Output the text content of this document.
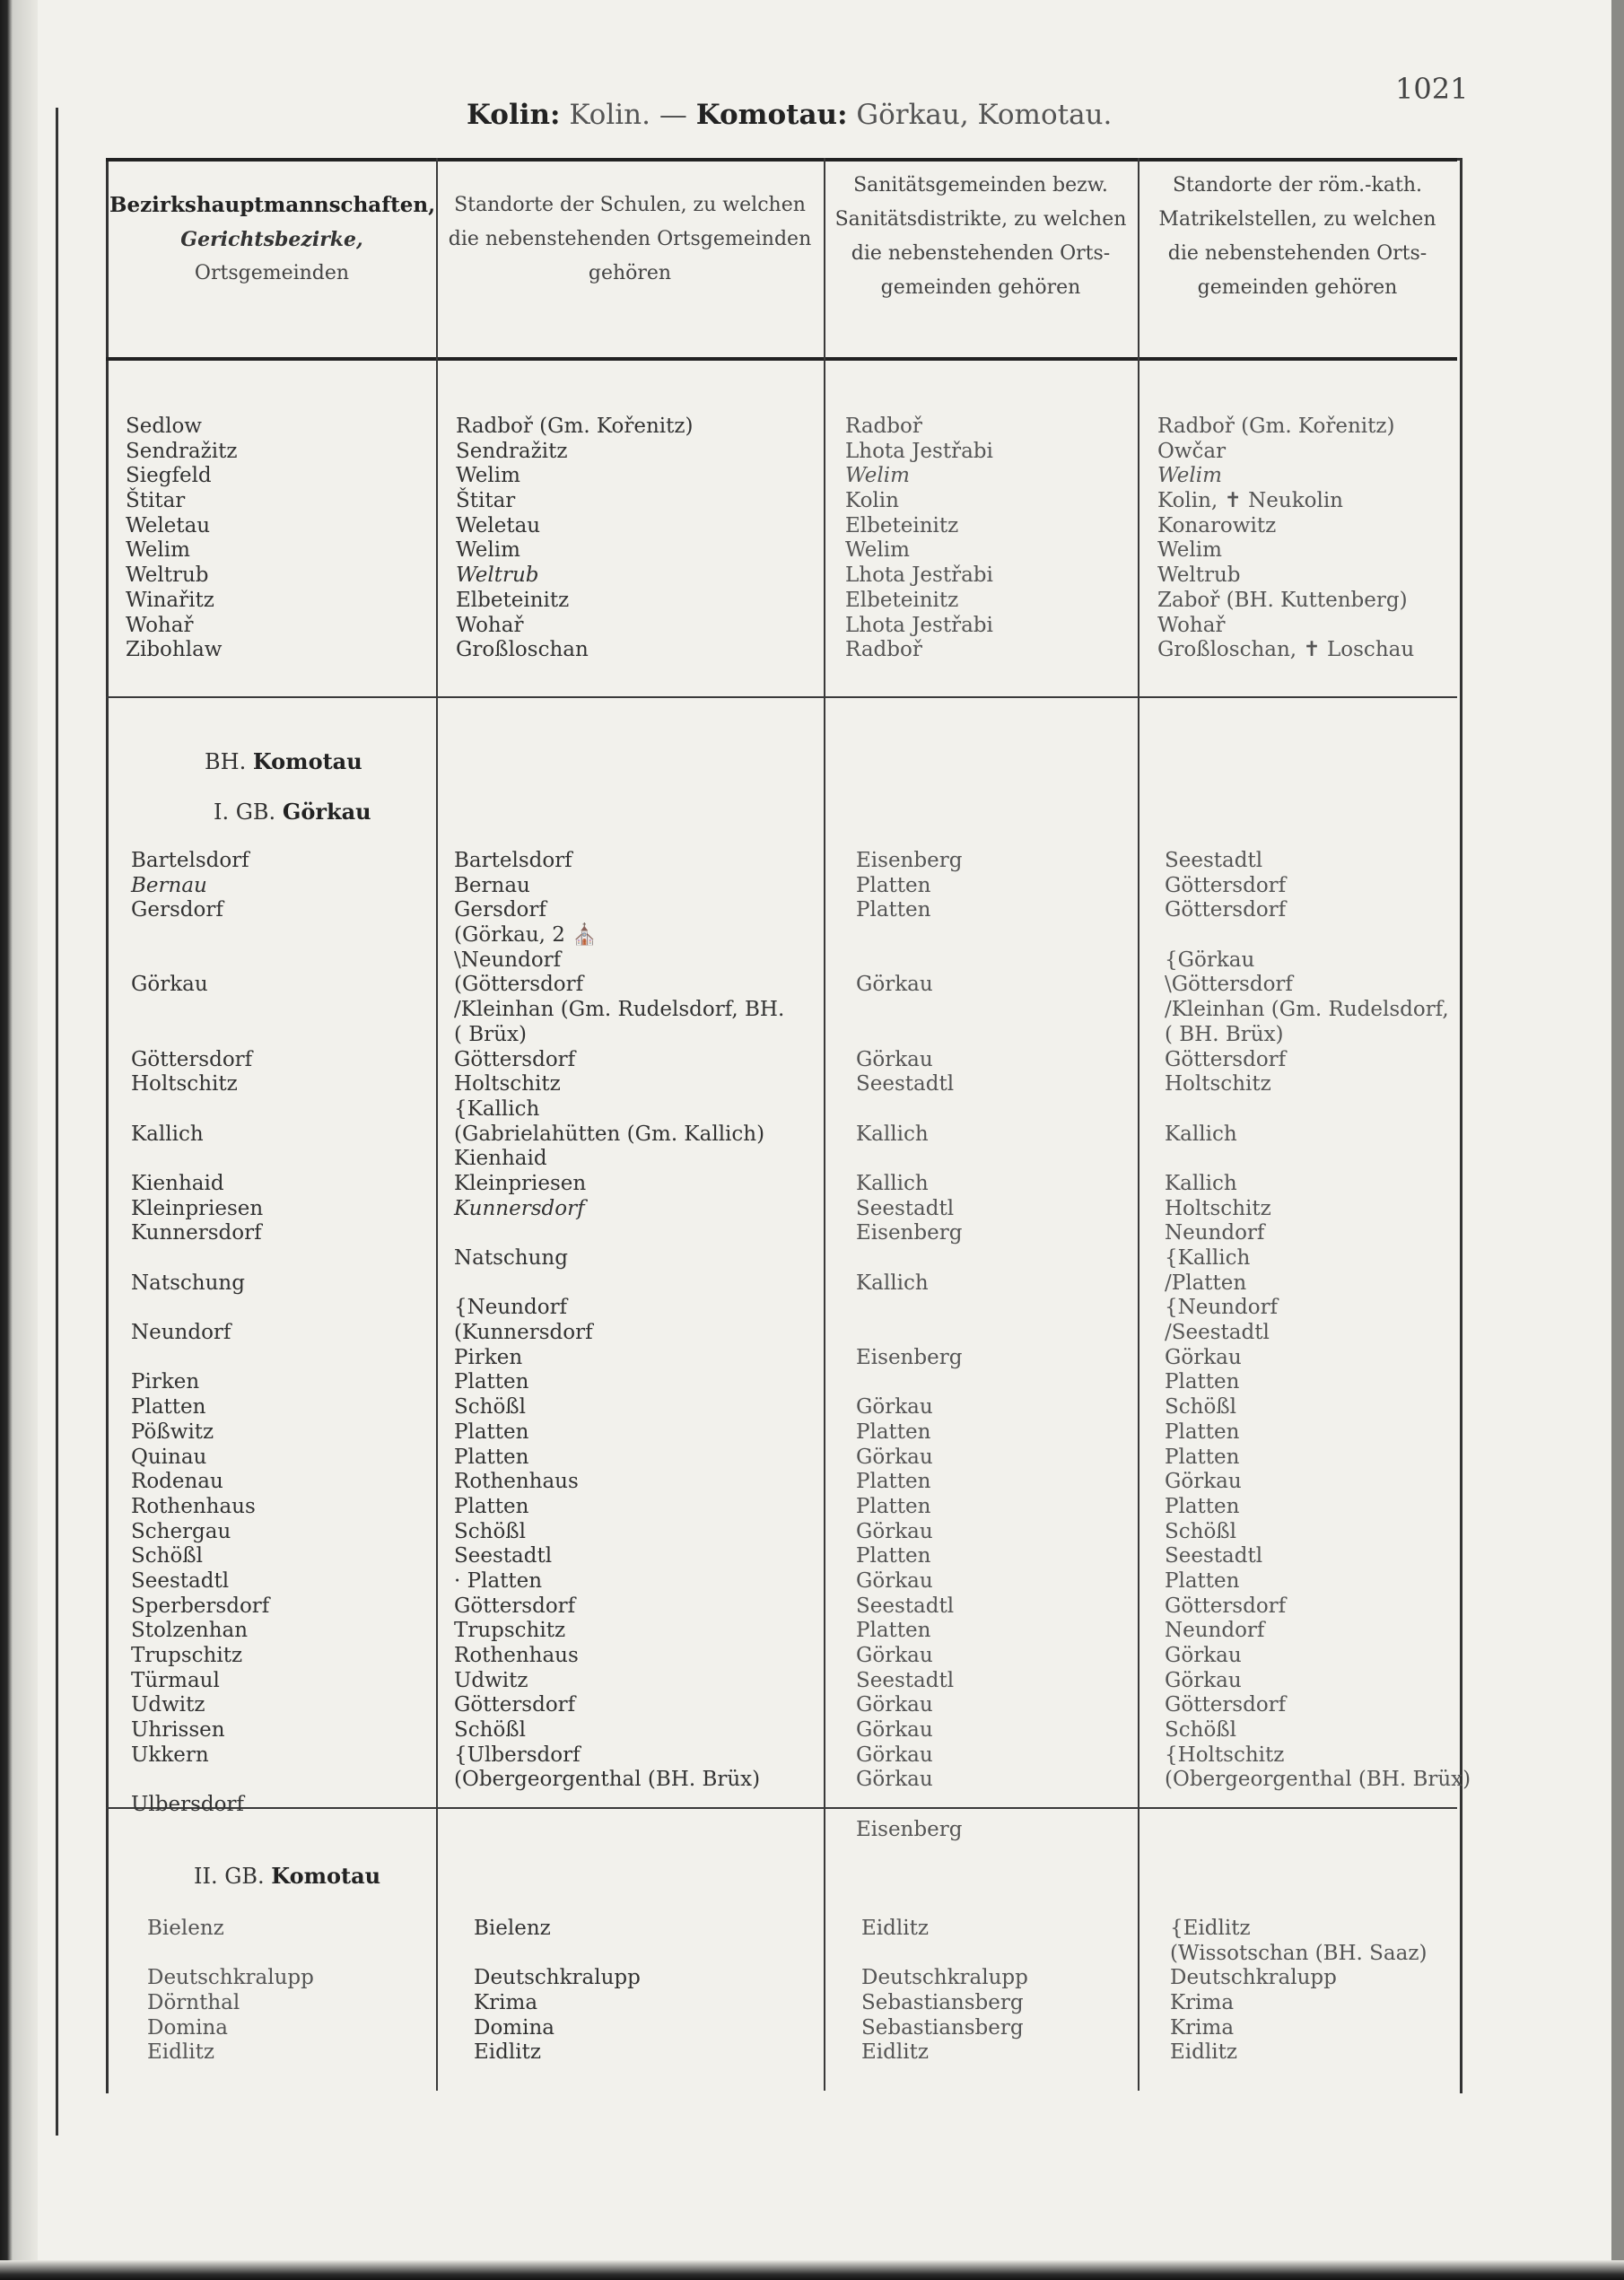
1021
Kolin: Kolin. — Komotau: Görkau, Komotau.
Bezirkshauptmannschaften,
Gerichtsbezirke,
Ortsgemeinden
Standorte der Schulen, zu welchen
die nebenstehenden Ortsgemeinden
gehören
Sanitätsgemeinden bezw.
Sanitätsdistrikte, zu welchen
die nebenstehenden Orts-
gemeinden gehören
Standorte der röm.-kath.
Matrikelstellen, zu welchen
die nebenstehenden Orts-
gemeinden gehören
Sedlow
Sendražitz
Siegfeld
Štitar
Weletau
Welim
Weltrub
Winařitz
Wohař
Zibohlaw
Radboř (Gm. Kořenitz)
Sendražitz
Welim
Štitar
Weletau
Welim
Weltrub
Elbeteinitz
Wohař
Großloschan
Radboř
Lhota Jestřabi
Welim
Kolin
Elbeteinitz
Welim
Lhota Jestřabi
Elbeteinitz
Lhota Jestřabi
Radboř
Radboř (Gm. Kořenitz)
Owčar
Welim
Kolin, ✝ Neukolin
Konarowitz
Welim
Weltrub
Zaboř (BH. Kuttenberg)
Wohař
Großloschan, ✝ Loschau
BH. Komotau
I. GB. Görkau
Bartelsdorf
Bernau
Gersdorf
Görkau
Göttersdorf
Holtschitz
Kallich
Kienhaid
Kleinpriesen
Kunnersdorf
Natschung
Neundorf
Pirken
Platten
Pößwitz
Quinau
Rodenau
Rothenhaus
Schergau
Schößl
Seestadtl
Sperbersdorf
Stolzenhan
Trupschitz
Türmaul
Udwitz
Uhrissen
Ukkern
Ulbersdorf
Bartelsdorf
Bernau
Gersdorf
(Görkau, 2 ⛪
\Neundorf
(Göttersdorf
/Kleinhan (Gm. Rudelsdorf, BH.
( Brüx)
Göttersdorf
Holtschitz
{Kallich
(Gabrielahütten (Gm. Kallich)
Kienhaid
Kleinpriesen
Kunnersdorf
Natschung
{Neundorf
(Kunnersdorf
Pirken
Platten
Schößl
Platten
Platten
Rothenhaus
Platten
Schößl
Seestadtl
· Platten
Göttersdorf
Trupschitz
Rothenhaus
Udwitz
Göttersdorf
Schößl
{Ulbersdorf
(Obergeorgenthal (BH. Brüx)
Eisenberg
Platten
Platten
Görkau
Görkau
Seestadtl
Kallich
Kallich
Seestadtl
Eisenberg
Kallich
Eisenberg
Görkau
Platten
Görkau
Platten
Platten
Görkau
Platten
Görkau
Seestadtl
Platten
Görkau
Seestadtl
Görkau
Görkau
Görkau
Görkau
Eisenberg
Seestadtl
Göttersdorf
Göttersdorf
{Görkau
\Göttersdorf
/Kleinhan (Gm. Rudelsdorf,
( BH. Brüx)
Göttersdorf
Holtschitz
Kallich
Kallich
Holtschitz
Neundorf
{Kallich
/Platten
{Neundorf
/Seestadtl
Görkau
Platten
Schößl
Platten
Platten
Görkau
Platten
Schößl
Seestadtl
Platten
Göttersdorf
Neundorf
Görkau
Görkau
Göttersdorf
Schößl
{Holtschitz
(Obergeorgenthal (BH. Brüx)
II. GB. Komotau
Bielenz
Deutschkralupp
Dörnthal
Domina
Eidlitz
Bielenz
Deutschkralupp
Krima
Domina
Eidlitz
Eidlitz
Deutschkralupp
Sebastiansberg
Sebastiansberg
Eidlitz
{Eidlitz
(Wissotschan (BH. Saaz)
Deutschkralupp
Krima
Krima
Eidlitz
